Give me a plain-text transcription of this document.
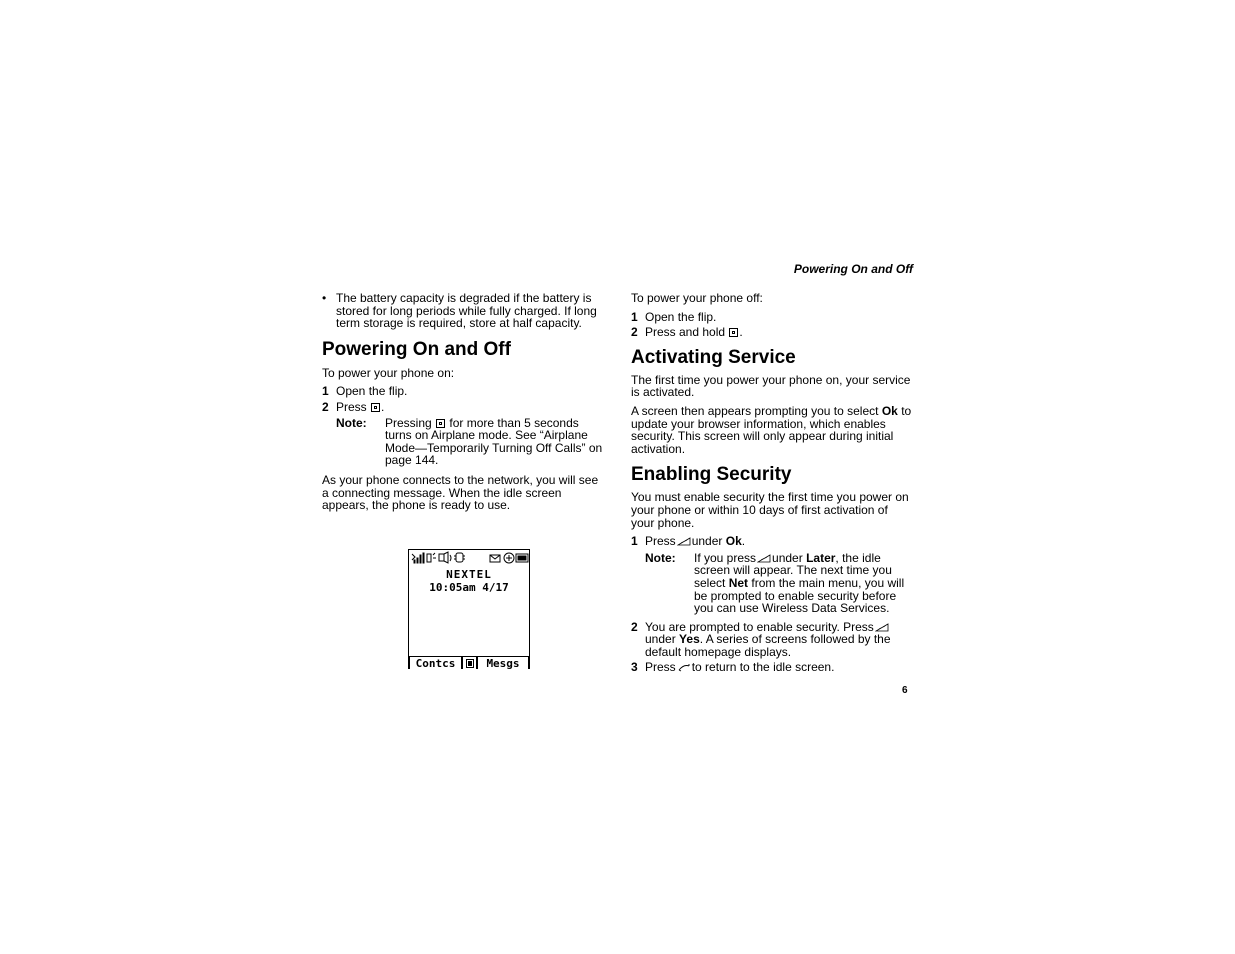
Powering On and Off
• The battery capacity is degraded if the battery is stored for long periods while fully charged. If long term storage is required, store at half capacity.
Powering On and Off

To power your phone on:

1 Open the flip.
2 Press .
Note: Pressing for more than 5 seconds turns on Airplane mode. See “Airplane Mode—Temporarily Turning Off Calls” on page 144.

As your phone connects to the network, you will see a connecting message. When the idle screen appears, the phone is ready to use.

NEXTEL
10:05am 4/17
Contcs	Mesgs

To power your phone off:

1 Open the flip.
2 Press and hold .
Activating Service

The first time you power your phone on, your service is activated.

A screen then appears prompting you to select Ok to update your browser information, which enables security. This screen will only appear during initial activation.

Enabling Security

You must enable security the first time you power on your phone or within 10 days of first activation of your phone.

1 Press under Ok.
Note: If you press under Later, the idle screen will appear. The next time you select Net from the main menu, you will be prompted to enable security before you can use Wireless Data Services.
2 You are prompted to enable security. Press under Yes. A series of screens followed by the default homepage displays.
3 Press to return to the idle screen.
6
